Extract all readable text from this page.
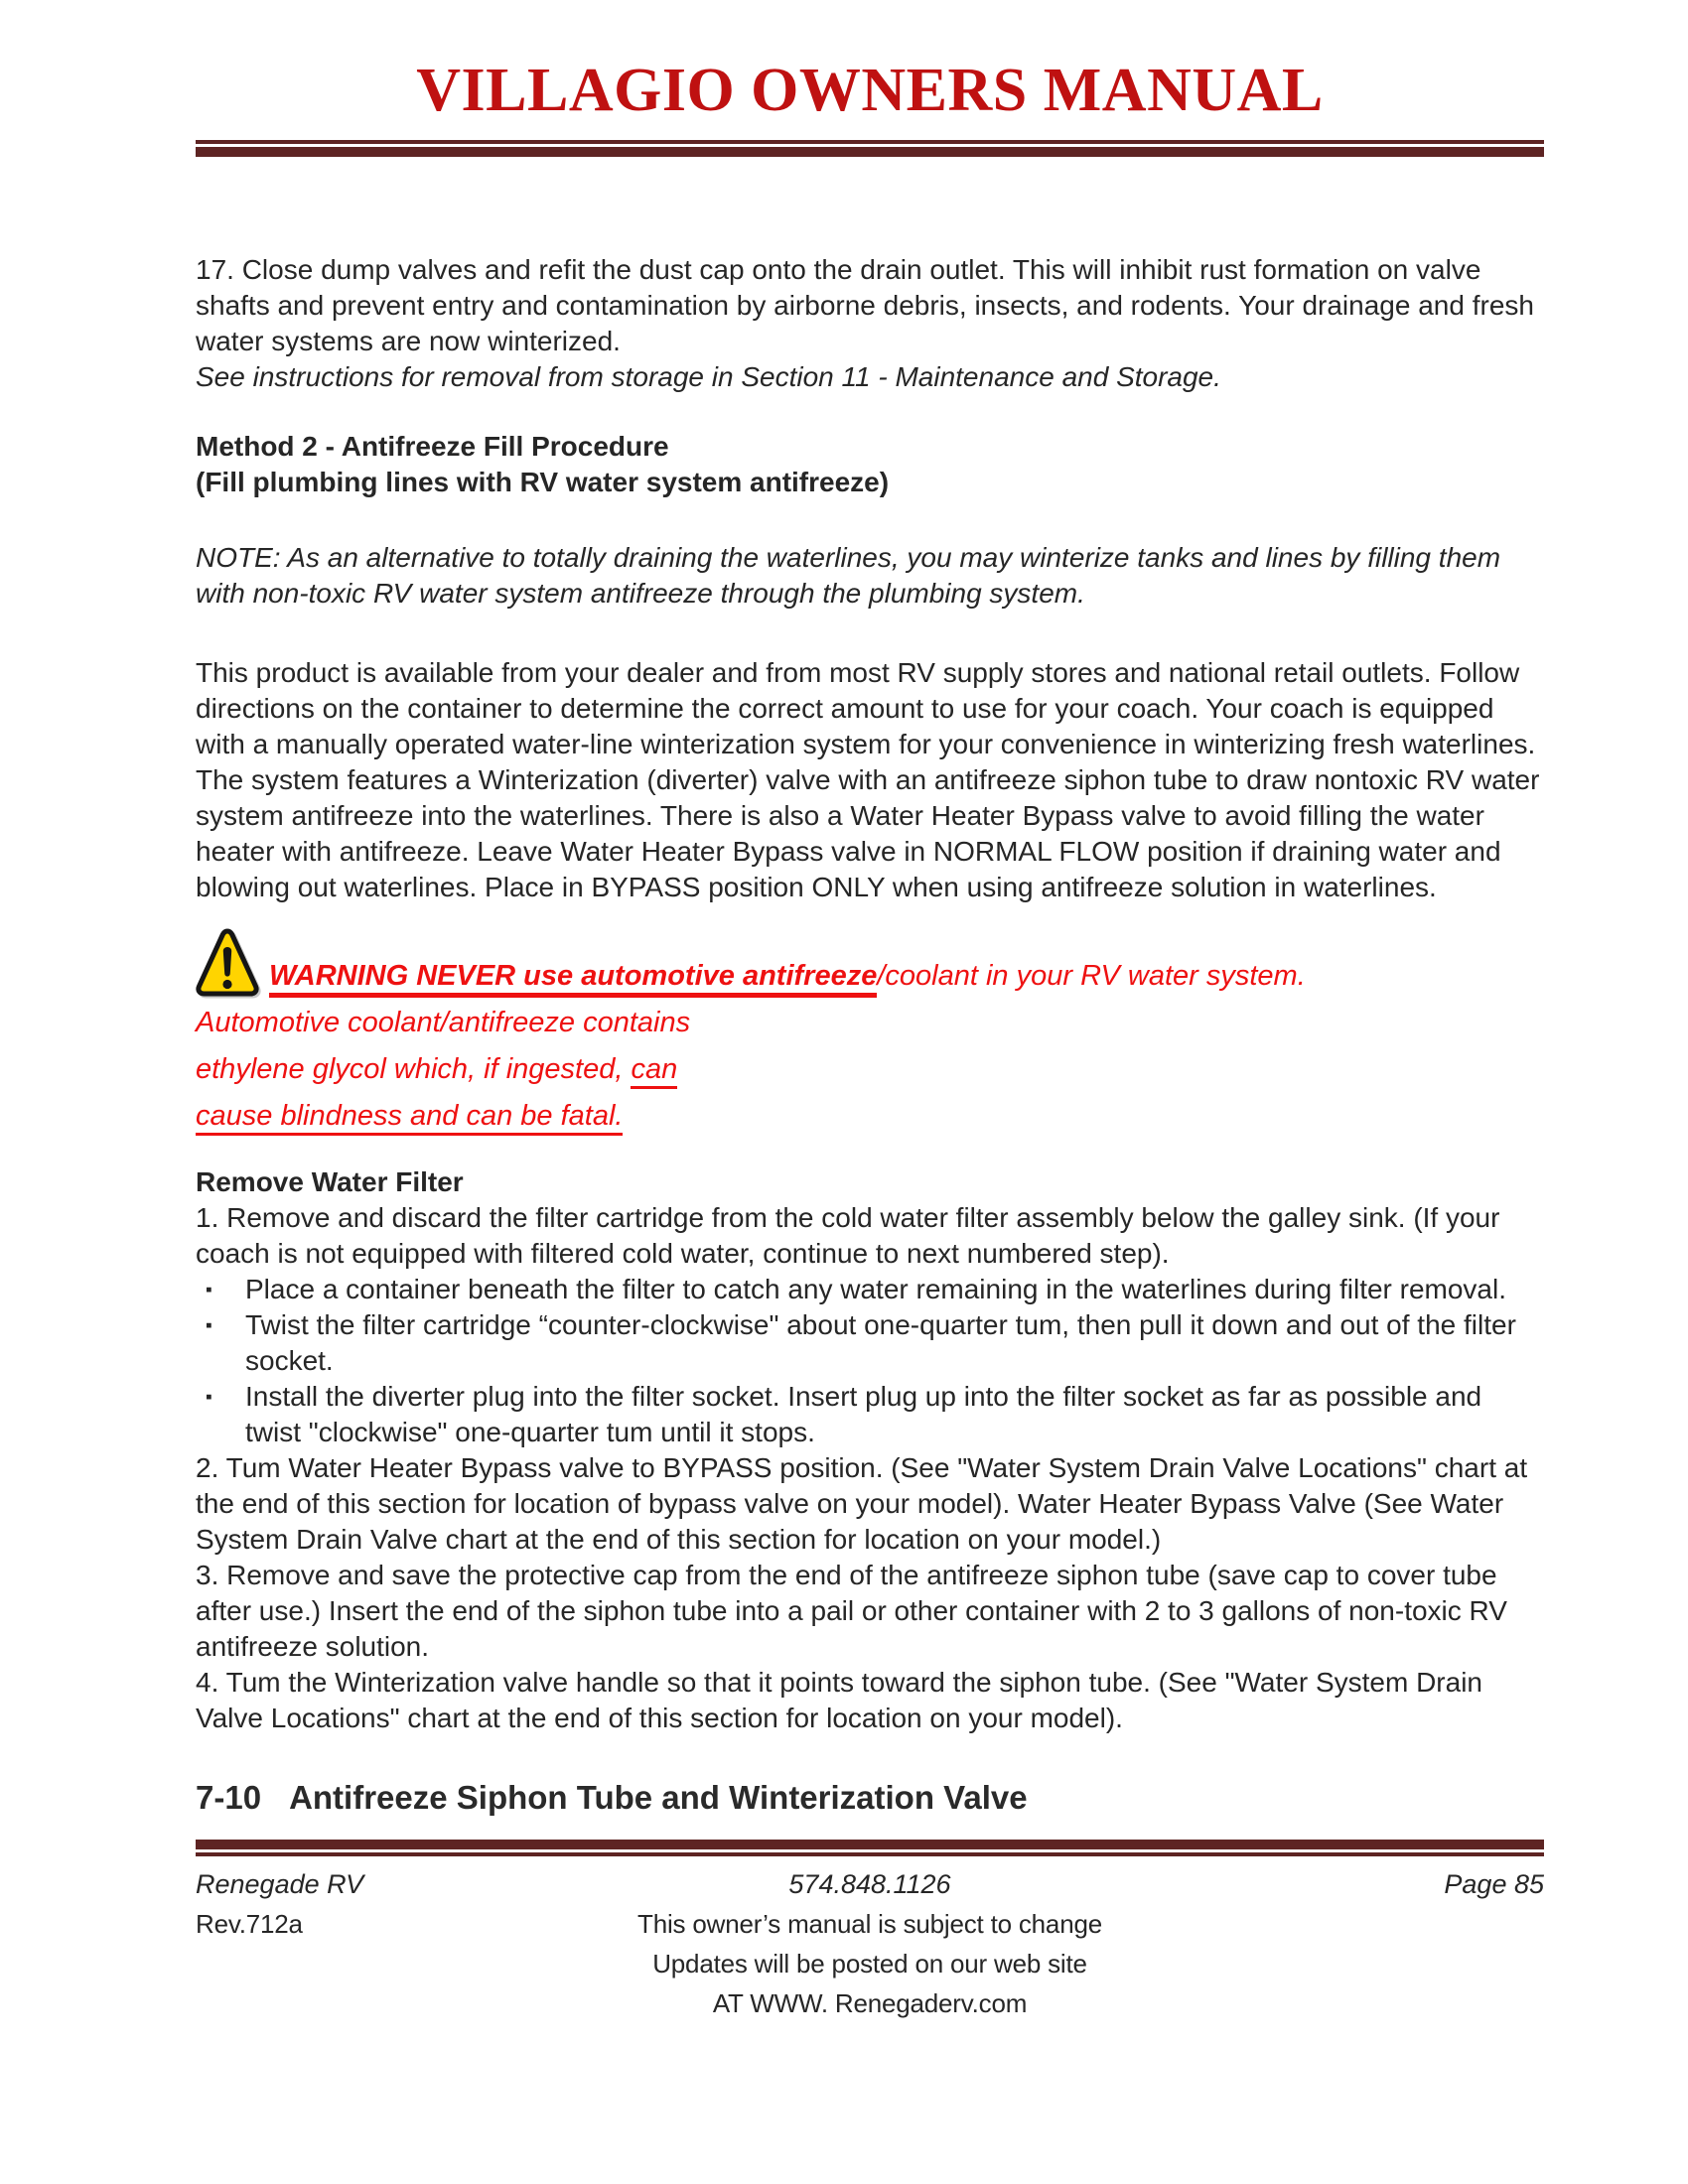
VILLAGIO OWNERS MANUAL
17. Close dump valves and refit the dust cap onto the drain outlet. This will inhibit rust formation on valve shafts and prevent entry and contamination by airborne debris, insects, and rodents. Your drainage and fresh water systems are now winterized.
See instructions for removal from storage in Section 11 - Maintenance and Storage.
Method 2 - Antifreeze Fill Procedure
(Fill plumbing lines with RV water system antifreeze)
NOTE: As an alternative to totally draining the waterlines, you may winterize tanks and lines by filling them with non-toxic RV water system antifreeze through the plumbing system.
This product is available from your dealer and from most RV supply stores and national retail outlets. Follow directions on the container to determine the correct amount to use for your coach. Your coach is equipped with a manually operated water-line winterization system for your convenience in winterizing fresh waterlines. The system features a Winterization (diverter) valve with an antifreeze siphon tube to draw nontoxic RV water system antifreeze into the waterlines. There is also a Water Heater Bypass valve to avoid filling the water heater with antifreeze. Leave Water Heater Bypass valve in NORMAL FLOW position if draining water and blowing out waterlines. Place in BYPASS position ONLY when using antifreeze solution in waterlines.
WARNING NEVER use automotive antifreeze/coolant in your RV water system.
Automotive coolant/antifreeze contains
ethylene glycol which, if ingested, can
cause blindness and can be fatal.
Remove Water Filter
1. Remove and discard the filter cartridge from the cold water filter assembly below the galley sink. (If your coach is not equipped with filtered cold water, continue to next numbered step).
▪ Place a container beneath the filter to catch any water remaining in the waterlines during filter removal.
▪ Twist the filter cartridge “counter-clockwise" about one-quarter tum, then pull it down and out of the filter socket.
▪ Install the diverter plug into the filter socket. Insert plug up into the filter socket as far as possible and twist "clockwise" one-quarter tum until it stops.
2. Tum Water Heater Bypass valve to BYPASS position. (See "Water System Drain Valve Locations" chart at the end of this section for location of bypass valve on your model). Water Heater Bypass Valve (See Water System Drain Valve chart at the end of this section for location on your model.)
3. Remove and save the protective cap from the end of the antifreeze siphon tube (save cap to cover tube after use.) Insert the end of the siphon tube into a pail or other container with 2 to 3 gallons of non-toxic RV antifreeze solution.
4. Tum the Winterization valve handle so that it points toward the siphon tube. (See "Water System Drain Valve Locations" chart at the end of this section for location on your model).
7-10 Antifreeze Siphon Tube and Winterization Valve
Renegade RV	574.848.1126	Page 85
Rev.712a	This owner’s manual is subject to change
Updates will be posted on our web site
AT WWW. Renegaderv.com
